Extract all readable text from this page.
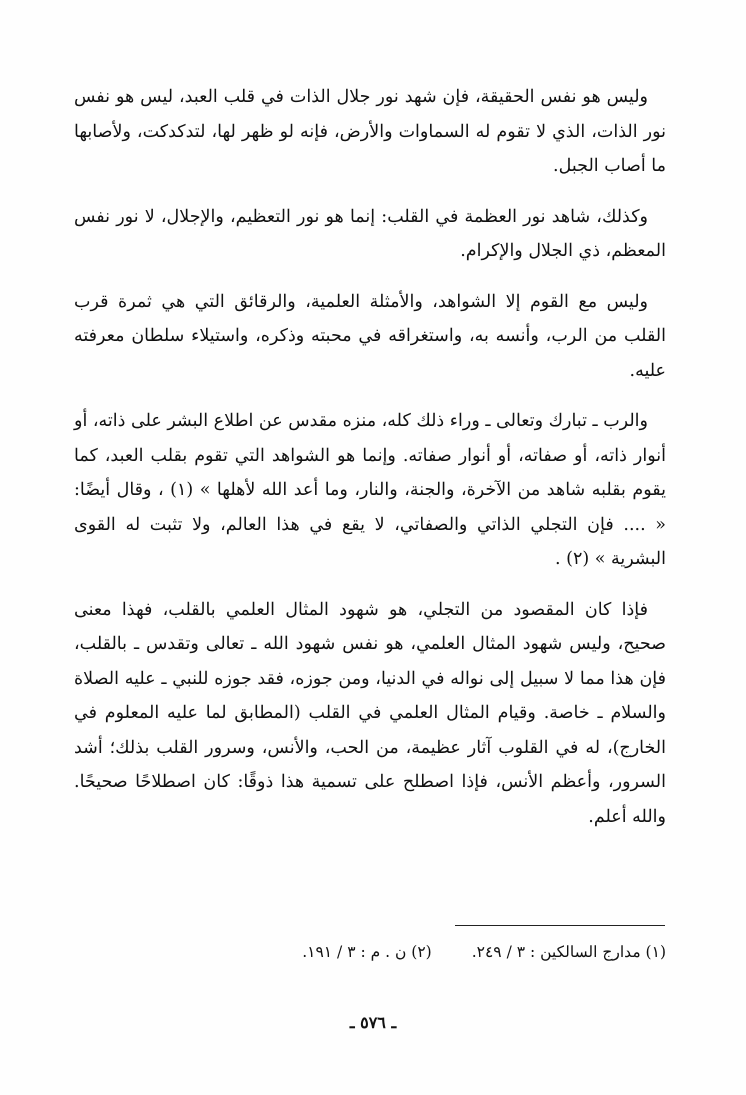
وليس هو نفس الحقيقة، فإن شهد نور جلال الذات في قلب العبد، ليس هو نفس نور الذات، الذي لا تقوم له السماوات والأرض، فإنه لو ظهر لها، لتدكدكت، ولأصابها ما أصاب الجبل.

وكذلك، شاهد نور العظمة في القلب: إنما هو نور التعظيم، والإجلال، لا نور نفس المعظم، ذي الجلال والإكرام.

وليس مع القوم إلا الشواهد، والأمثلة العلمية، والرقائق التي هي ثمرة قرب القلب من الرب، وأنسه به، واستغراقه في محبته وذكره، واستيلاء سلطان معرفته عليه.

والرب ـ تبارك وتعالى ـ وراء ذلك كله، منزه مقدس عن اطلاع البشر على ذاته، أو أنوار ذاته، أو صفاته، أو أنوار صفاته. وإنما هو الشواهد التي تقوم بقلب العبد، كما يقوم بقلبه شاهد من الآخرة، والجنة، والنار، وما أعد الله لأهلها » (١) ، وقال أيضًا: « .... فإن التجلي الذاتي والصفاتي، لا يقع في هذا العالم، ولا تثبت له القوى البشرية » (٢) .

فإذا كان المقصود من التجلي، هو شهود المثال العلمي بالقلب، فهذا معنى صحيح، وليس شهود المثال العلمي، هو نفس شهود الله ـ تعالى وتقدس ـ بالقلب، فإن هذا مما لا سبيل إلى نواله في الدنيا، ومن جوزه، فقد جوزه للنبي ـ عليه الصلاة والسلام ـ خاصة. وقيام المثال العلمي في القلب (المطابق لما عليه المعلوم في الخارج)، له في القلوب آثار عظيمة، من الحب، والأنس، وسرور القلب بذلك؛ أشد السرور، وأعظم الأنس، فإذا اصطلح على تسمية هذا ذوقًا: كان اصطلاحًا صحيحًا. والله أعلم.

(١) مدارج السالكين : ٣ / ٢٤٩.
(٢) ن . م : ٣ / ١٩١.
ـ ٥٧٦ ـ
